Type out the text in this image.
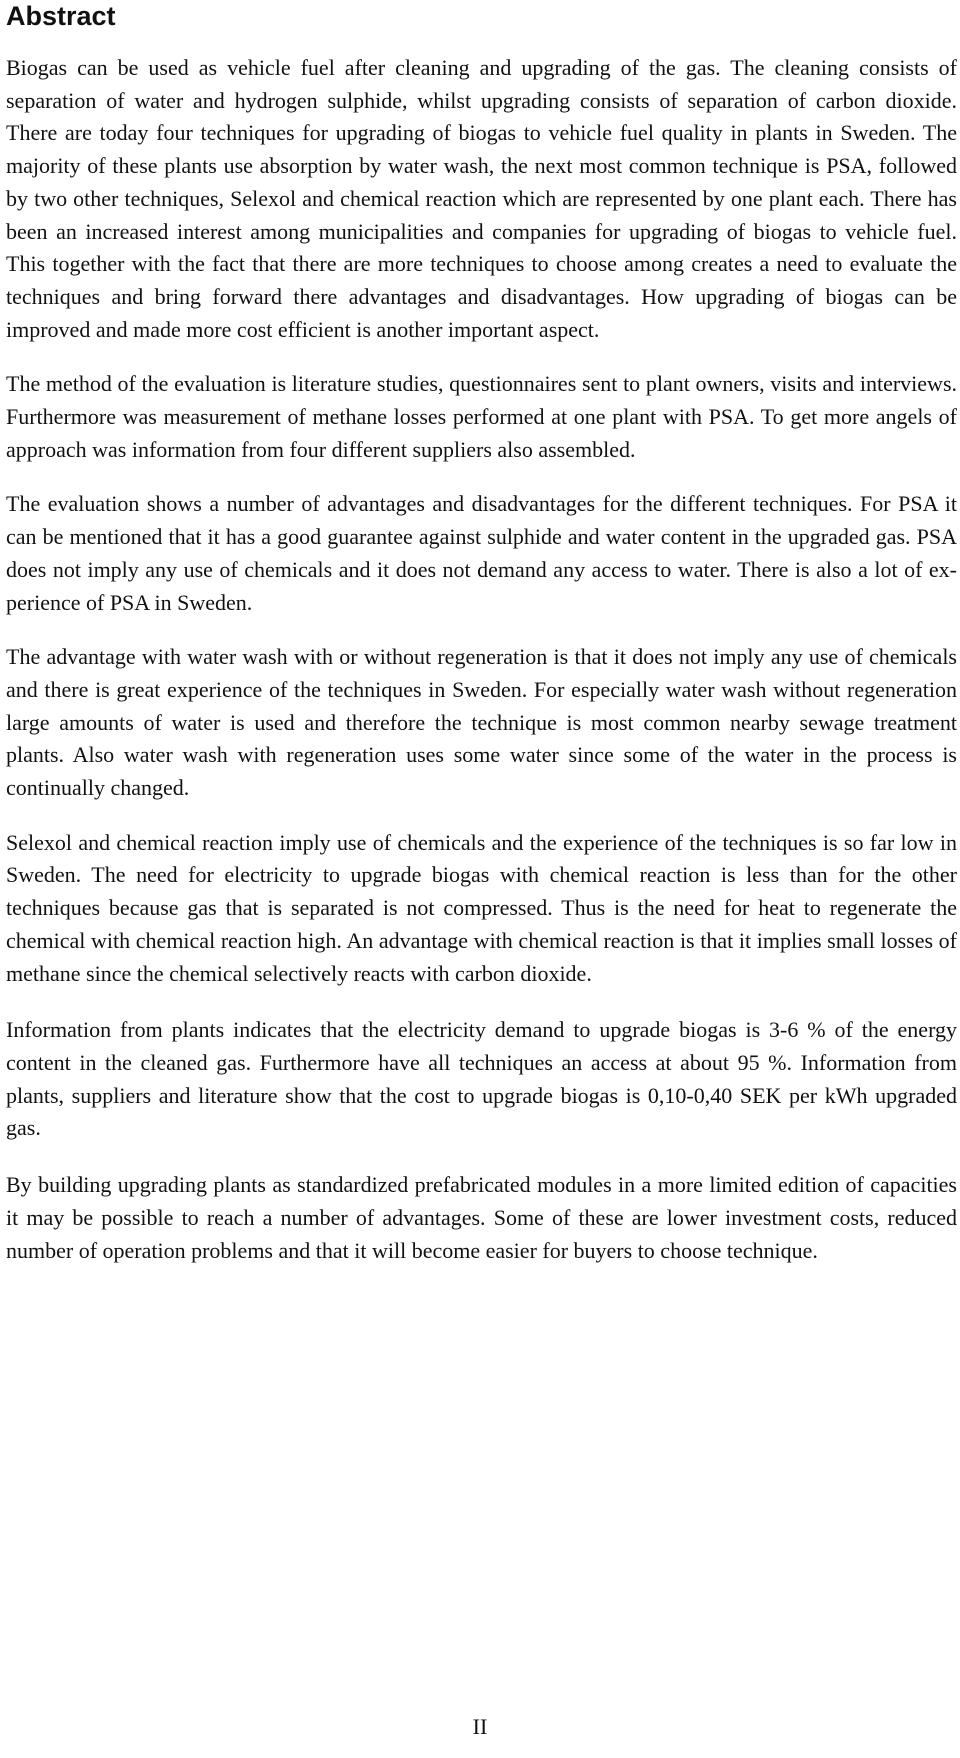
Abstract

Biogas can be used as vehicle fuel after cleaning and upgrading of the gas. The cleaning consists of separation of water and hydrogen sulphide, whilst upgrading consists of separation of carbon dioxide. There are today four techniques for upgrading of biogas to vehicle fuel quality in plants in Sweden. The majority of these plants use absorption by water wash, the next most common technique is PSA, followed by two other techniques, Selexol and chemical reaction which are represented by one plant each. There has been an increased interest among municipalities and companies for upgrading of biogas to vehicle fuel. This together with the fact that there are more techniques to choose among creates a need to evaluate the techniques and bring forward there advantages and disadvantages. How upgrading of biogas can be improved and made more cost efficient is another important aspect.

The method of the evaluation is literature studies, questionnaires sent to plant owners, visits and interviews. Furthermore was measurement of methane losses performed at one plant with PSA. To get more angels of approach was information from four different suppliers also assembled.

The evaluation shows a number of advantages and disadvantages for the different techniques. For PSA it can be mentioned that it has a good guarantee against sulphide and water content in the upgraded gas. PSA does not imply any use of chemicals and it does not demand any access to water. There is also a lot of experience of PSA in Sweden.

The advantage with water wash with or without regeneration is that it does not imply any use of chemicals and there is great experience of the techniques in Sweden. For especially water wash without regeneration large amounts of water is used and therefore the technique is most common nearby sewage treatment plants. Also water wash with regeneration uses some water since some of the water in the process is continually changed.

Selexol and chemical reaction imply use of chemicals and the experience of the techniques is so far low in Sweden. The need for electricity to upgrade biogas with chemical reaction is less than for the other techniques because gas that is separated is not compressed. Thus is the need for heat to regenerate the chemical with chemical reaction high. An advantage with chemical reaction is that it implies small losses of methane since the chemical selectively reacts with carbon dioxide.

Information from plants indicates that the electricity demand to upgrade biogas is 3-6 % of the energy content in the cleaned gas. Furthermore have all techniques an access at about 95 %. Information from plants, suppliers and literature show that the cost to upgrade biogas is 0,10-0,40 SEK per kWh upgraded gas.

By building upgrading plants as standardized prefabricated modules in a more limited edition of capacities it may be possible to reach a number of advantages. Some of these are lower investment costs, reduced number of operation problems and that it will become easier for buyers to choose technique.

II
